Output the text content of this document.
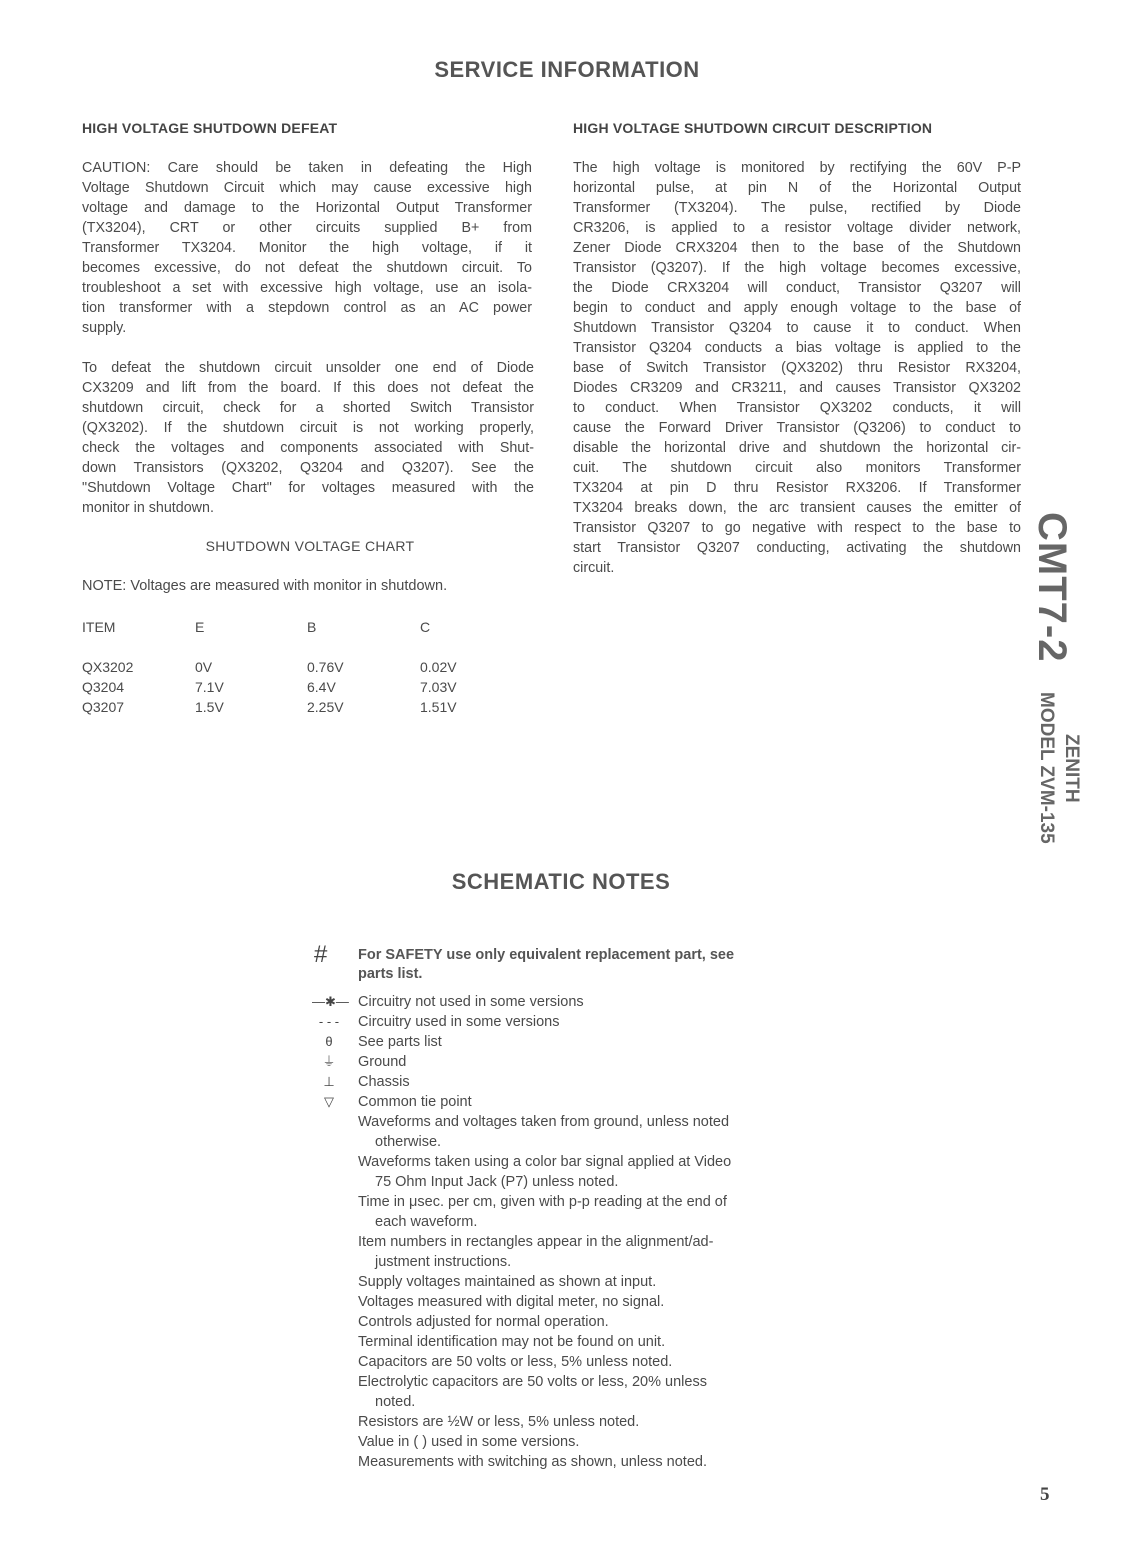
SERVICE INFORMATION
HIGH VOLTAGE SHUTDOWN DEFEAT
CAUTION: Care should be taken in defeating the High
Voltage Shutdown Circuit which may cause excessive high
voltage and damage to the Horizontal Output Transformer
(TX3204), CRT or other circuits supplied B+ from
Transformer TX3204. Monitor the high voltage, if it
becomes excessive, do not defeat the shutdown circuit. To
troubleshoot a set with excessive high voltage, use an isola-
tion transformer with a stepdown control as an AC power
supply.
To defeat the shutdown circuit unsolder one end of Diode
CX3209 and lift from the board. If this does not defeat the
shutdown circuit, check for a shorted Switch Transistor
(QX3202). If the shutdown circuit is not working properly,
check the voltages and components associated with Shut-
down Transistors (QX3202, Q3204 and Q3207). See the
"Shutdown Voltage Chart" for voltages measured with the
monitor in shutdown.
SHUTDOWN VOLTAGE CHART
NOTE: Voltages are measured with monitor in shutdown.
ITEM	E	B	C
QX3202	0V	0.76V	0.02V
Q3204	7.1V	6.4V	7.03V
Q3207	1.5V	2.25V	1.51V
HIGH VOLTAGE SHUTDOWN CIRCUIT DESCRIPTION
The high voltage is monitored by rectifying the 60V P-P
horizontal pulse, at pin N of the Horizontal Output
Transformer (TX3204). The pulse, rectified by Diode
CR3206, is applied to a resistor voltage divider network,
Zener Diode CRX3204 then to the base of the Shutdown
Transistor (Q3207). If the high voltage becomes excessive,
the Diode CRX3204 will conduct, Transistor Q3207 will
begin to conduct and apply enough voltage to the base of
Shutdown Transistor Q3204 to cause it to conduct. When
Transistor Q3204 conducts a bias voltage is applied to the
base of Switch Transistor (QX3202) thru Resistor RX3204,
Diodes CR3209 and CR3211, and causes Transistor QX3202
to conduct. When Transistor QX3202 conducts, it will
cause the Forward Driver Transistor (Q3206) to conduct to
disable the horizontal drive and shutdown the horizontal cir-
cuit. The shutdown circuit also monitors Transformer
TX3204 at pin D thru Resistor RX3206. If Transformer
TX3204 breaks down, the arc transient causes the emitter of
Transistor Q3207 to go negative with respect to the base to
start Transistor Q3207 conducting, activating the shutdown
circuit.	CMT7-2
ZENITH
MODEL ZVM-135
SCHEMATIC NOTES
# For SAFETY use only equivalent replacement part, see
parts list.
—✱— Circuitry not used in some versions
- - -	Circuitry used in some versions
θ	See parts list
⏚	Ground
⊥	Chassis
▽	Common tie point
Waveforms and voltages taken from ground, unless noted
otherwise.
Waveforms taken using a color bar signal applied at Video
75 Ohm Input Jack (P7) unless noted.
Time in μsec. per cm, given with p-p reading at the end of
each waveform.
Item numbers in rectangles appear in the alignment/ad-
justment instructions.
Supply voltages maintained as shown at input.
Voltages measured with digital meter, no signal.
Controls adjusted for normal operation.
Terminal identification may not be found on unit.
Capacitors are 50 volts or less, 5% unless noted.
Electrolytic capacitors are 50 volts or less, 20% unless
noted.
Resistors are ½W or less, 5% unless noted.
Value in ( ) used in some versions.
Measurements with switching as shown, unless noted.
5
